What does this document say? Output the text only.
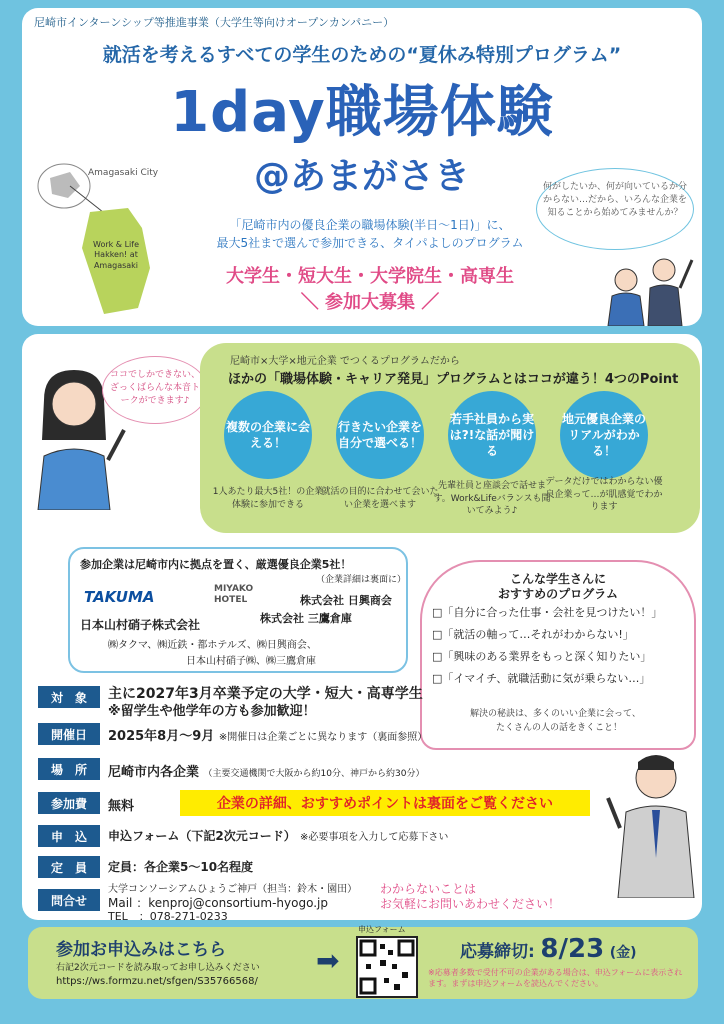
尼崎市インターンシップ等推進事業（大学生等向けオープンカンパニー）
就活を考えるすべての学生のための“夏休み特別プログラム”
1day職場体験
@あまがさき
Amagasaki City
Work & Life Hakken! at Amagasaki
「尼崎市内の優良企業の職場体験(半日〜1日)」に、
最大5社まで選んで参加できる、タイパよしのプログラム
大学生・短大生・大学院生・高専生
＼ 参加大募集 ／
何がしたいか、何が向いているか分からない…だから、いろんな企業を知ることから始めてみませんか？
ココでしかできない、ざっくばらんな本音トークができます♪
尼崎市×大学×地元企業 でつくるプログラムだから
ほかの「職場体験・キャリア発見」プログラムとはココが違う！4つのPoint
複数の企業に会える！
行きたい企業を自分で選べる！
若手社員から実は?!な話が聞ける
地元優良企業のリアルがわかる！
1人あたり最大5社！の企業体験に参加できる
就活の目的に合わせて会いたい企業を選べます
先輩社員と座談会で話せます。Work&Lifeバランスも聞いてみよう♪
データだけではわからない優良企業って…が肌感覚でわかります
参加企業は尼崎市内に拠点を置く、厳選優良企業5社！
（企業詳細は裏面に）
TAKUMA	MIYAKO HOTEL	株式会社 日興商会
日本山村硝子株式会社	株式会社 三鷹倉庫
㈱タクマ、㈱近鉄・都ホテルズ、㈱日興商会、
日本山村硝子㈱、㈱三鷹倉庫
こんな学生さんに
おすすめのプログラム
□「自分に合った仕事・会社を見つけたい！」
□「就活の軸って…それがわからない!」
□「興味のある業界をもっと深く知りたい」
□「イマイチ、就職活動に気が乗らない…」
解決の秘訣は、多くのいい企業に会って、
たくさんの人の話をきくこと！
対　象	主に2027年3月卒業予定の大学・短大・高専学生
※留学生や他学年の方も参加歓迎！
開催日	2025年8月〜9月 ※開催日は企業ごとに異なります（裏面参照）
場　所	尼崎市内各企業 （主要交通機関で大阪から約10分、神戸から約30分）
参加費	無料	企業の詳細、おすすめポイントは裏面をご覧ください
申　込	申込フォーム（下記2次元コード） ※必要事項を入力して応募下さい
定　員	定員：各企業5〜10名程度
問合せ
大学コンソーシアムひょうご神戸（担当：鈴木・園田）
Mail ：kenproj@consortium-hyogo.jp
TEL　：078-271-0233
わからないことは
お気軽にお問いあわせください！
参加お申込みはこちら
右記2次元コードを読み取ってお申し込みください
https://ws.formzu.net/sfgen/S35766568/
➡
申込フォーム
応募締切: 8/23 (金)
※応募者多数で受付不可の企業がある場合は、申込フォームに表示されます。まずは申込フォームを読込んでください。
